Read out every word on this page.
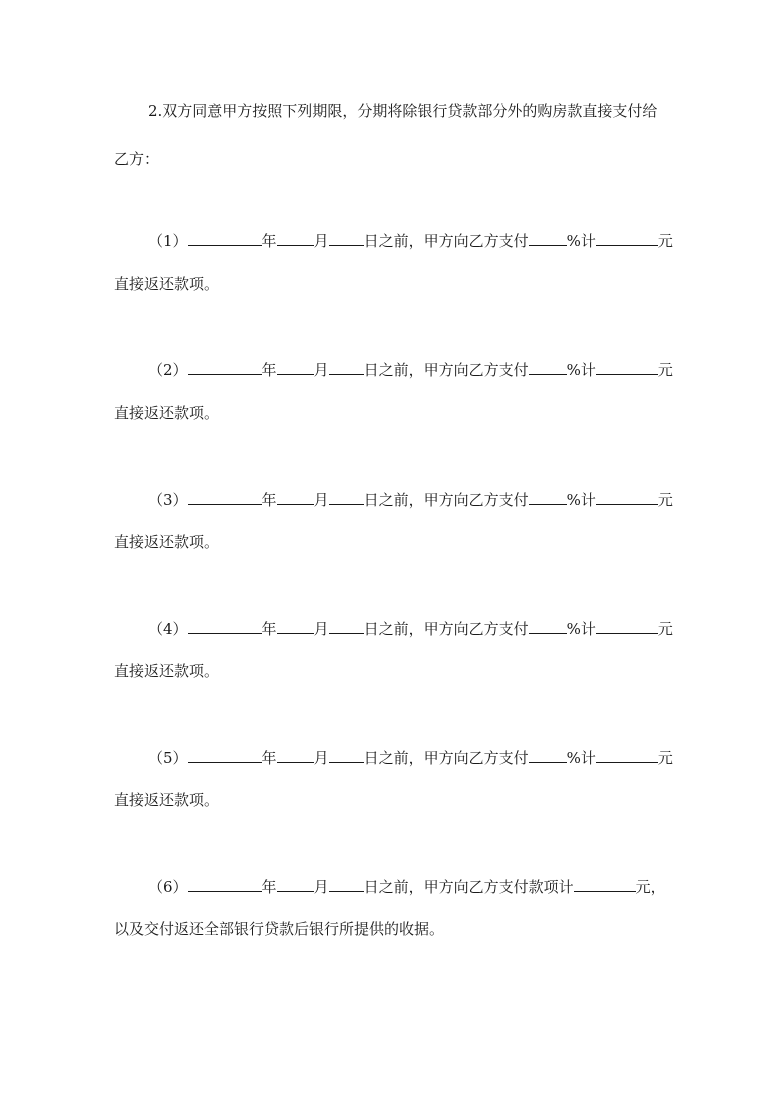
2.双方同意甲方按照下列期限，分期将除银行贷款部分外的购房款直接支付给
乙方：
（1）	年 月 日之前，甲方向乙方支付	%计	元
直接返还款项。
（2）	年 月 日之前，甲方向乙方支付	%计	元
直接返还款项。
（3）	年 月 日之前，甲方向乙方支付	%计	元
直接返还款项。
（4）	年 月 日之前，甲方向乙方支付	%计	元
直接返还款项。
（5）	年 月 日之前，甲方向乙方支付	%计	元
直接返还款项。
（6）	年 月 日之前，甲方向乙方支付款项计	元，
以及交付返还全部银行贷款后银行所提供的收据。
